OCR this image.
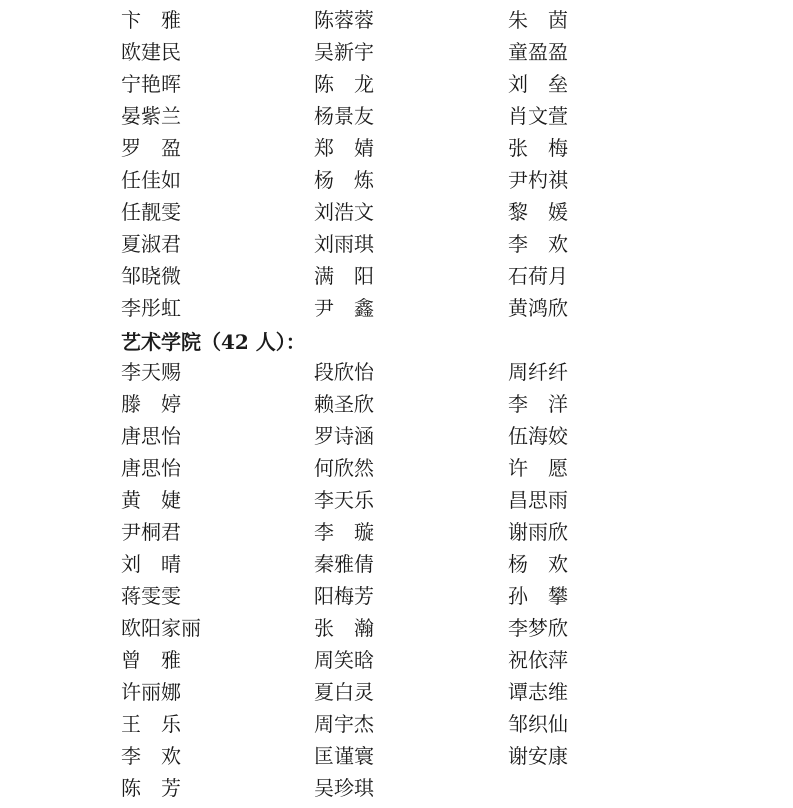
卞　雅	陈蓉蓉	朱　茵
欧建民	吴新宇	童盈盈
宁艳晖	陈　龙	刘　垒
晏紫兰	杨景友	肖文萱
罗　盈	郑　婧	张　梅
任佳如	杨　炼	尹杓祺
任靓雯	刘浩文	黎　媛
夏淑君	刘雨琪	李　欢
邹晓微	满　阳	石荷月
李彤虹	尹　鑫	黄鸿欣
艺术学院（42 人）：
李天赐	段欣怡	周纤纤
滕　婷	赖圣欣	李　洋
唐思怡	罗诗涵	伍海姣
唐思怡	何欣然	许　愿
黄　婕	李天乐	昌思雨
尹桐君	李　璇	谢雨欣
刘　晴	秦雅倩	杨　欢
蒋雯雯	阳梅芳	孙　攀
欧阳家丽	张　瀚	李梦欣
曾　雅	周笑晗	祝依萍
许丽娜	夏白灵	谭志维
王　乐	周宇杰	邹织仙
李　欢	匡谨寰	谢安康
陈　芳	吴珍琪
